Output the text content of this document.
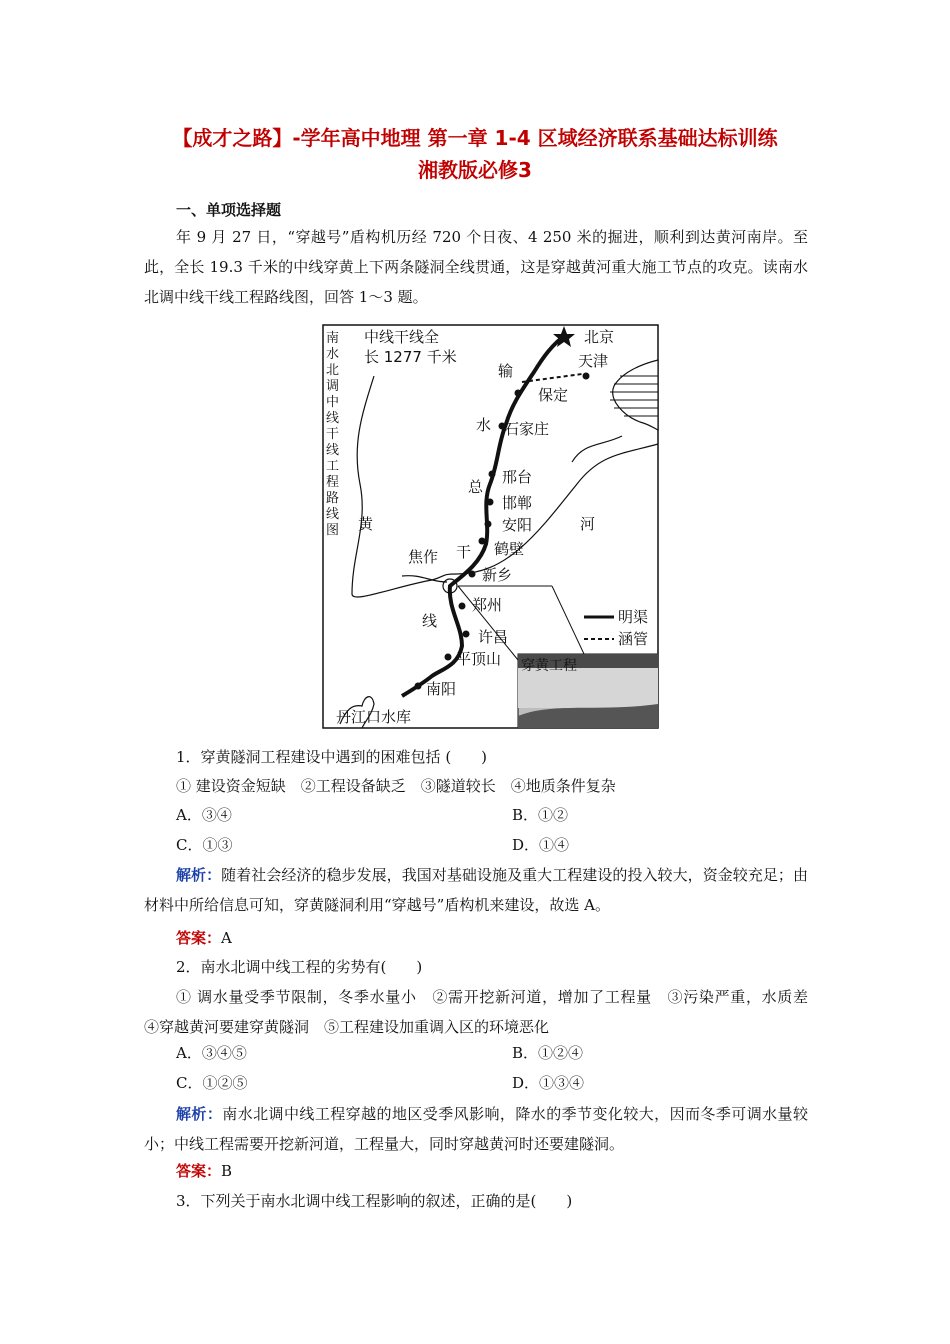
【成才之路】-学年高中地理 第一章 1-4 区域经济联系基础达标训练
湘教版必修3
一、单项选择题
年 9 月 27 日，“穿越号”盾构机历经 720 个日夜、4 250 米的掘进，顺利到达黄河南岸。至此，全长 19.3 千米的中线穿黄上下两条隧洞全线贯通，这是穿越黄河重大施工节点的攻克。读南水北调中线干线工程路线图，回答 1～3 题。
穿黄工程
明渠
涵管
南
水
北
调
中
线
干
线
工
程
路
线
图
中线干线全
长 1277 千米
输
水
总
干
线
黄	河
北京
天津
保定
石家庄
邢台
邯郸
安阳
鹤壁
焦作
新乡
郑州
许昌
平顶山
南阳
丹江口水库
1．穿黄隧洞工程建设中遇到的困难包括 (　　)
① 建设资金短缺　②工程设备缺乏　③隧道较长　④地质条件复杂
A．③④	B．①②
C．①③	D．①④
解析：随着社会经济的稳步发展，我国对基础设施及重大工程建设的投入较大，资金较充足；由材料中所给信息可知，穿黄隧洞利用“穿越号”盾构机来建设，故选 A。
答案：A
2．南水北调中线工程的劣势有(　　)
① 调水量受季节限制，冬季水量小　②需开挖新河道，增加了工程量　③污染严重，水质差　④穿越黄河要建穿黄隧洞　⑤工程建设加重调入区的环境恶化
A．③④⑤	B．①②④
C．①②⑤	D．①③④
解析：南水北调中线工程穿越的地区受季风影响，降水的季节变化较大，因而冬季可调水量较小；中线工程需要开挖新河道，工程量大，同时穿越黄河时还要建隧洞。
答案：B
3．下列关于南水北调中线工程影响的叙述，正确的是(　　)
